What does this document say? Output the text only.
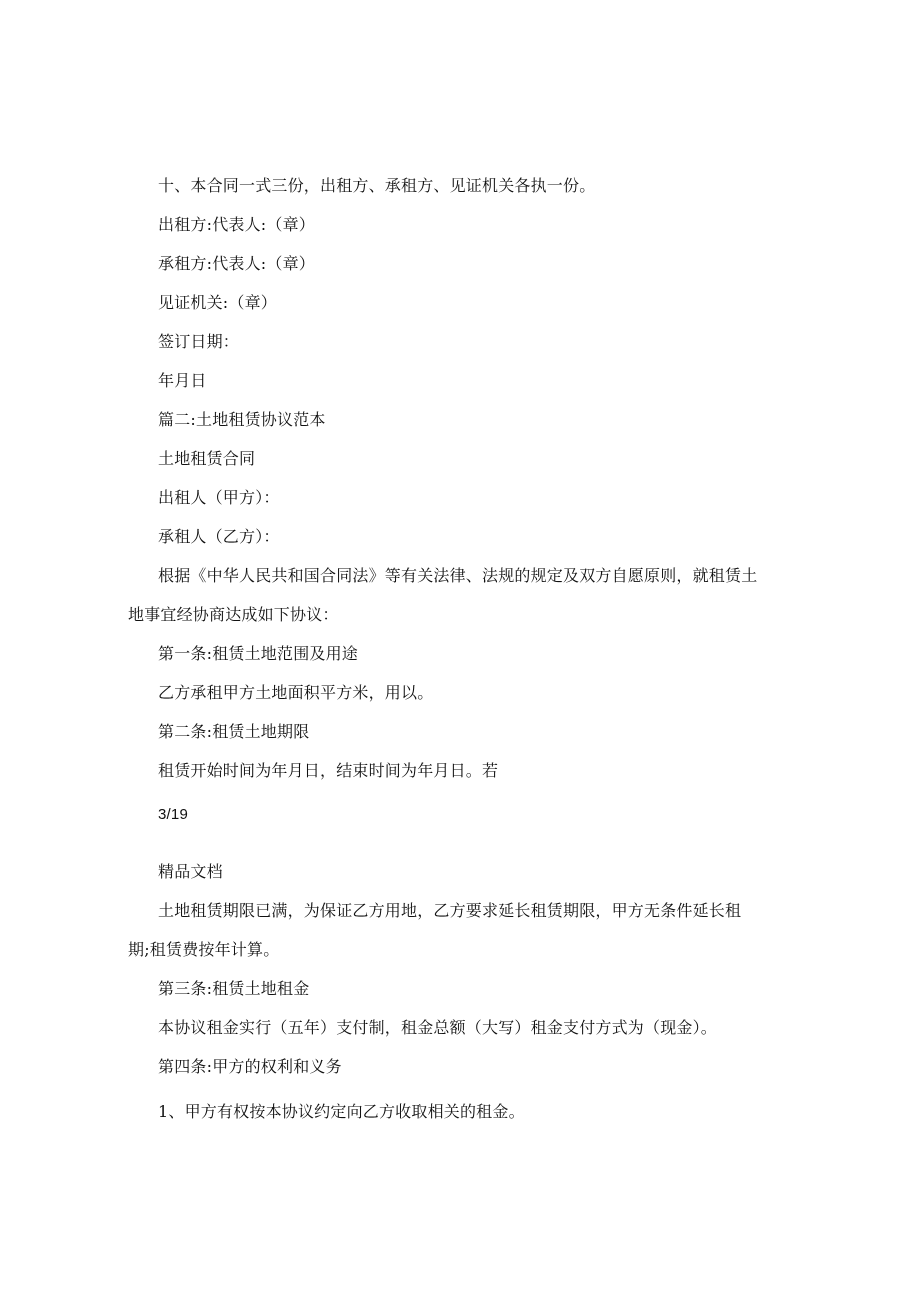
十、本合同一式三份，出租方、承租方、见证机关各执一份。
出租方:代表人:（章）
承租方:代表人:（章）
见证机关:（章）
签订日期：
年月日
篇二:土地租赁协议范本
土地租赁合同
出租人（甲方）：
承租人（乙方）：
根据《中华人民共和国合同法》等有关法律、法规的规定及双方自愿原则，就租赁土
地事宜经协商达成如下协议：
第一条:租赁土地范围及用途
乙方承租甲方土地面积平方米，用以。
第二条:租赁土地期限
租赁开始时间为年月日，结束时间为年月日。若
3/19
精品文档
土地租赁期限已满，为保证乙方用地，乙方要求延长租赁期限，甲方无条件延长租
期;租赁费按年计算。
第三条:租赁土地租金
本协议租金实行（五年）支付制，租金总额（大写）租金支付方式为（现金）。
第四条:甲方的权利和义务
1、甲方有权按本协议约定向乙方收取相关的租金。
